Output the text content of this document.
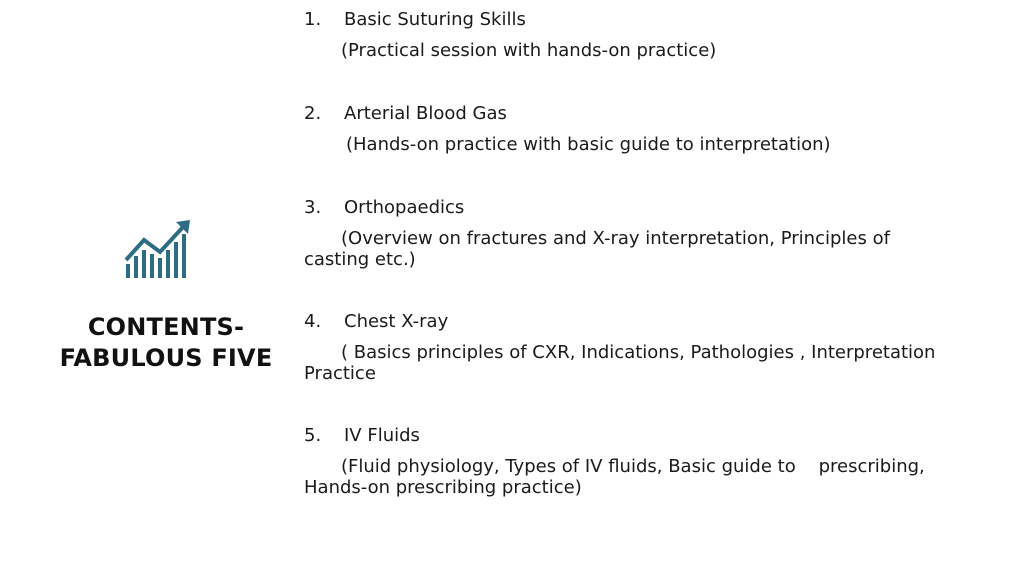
CONTENTS-
FABULOUS FIVE
1. Basic Suturing Skills
(Practical session with hands-on practice)
2. Arterial Blood Gas
(Hands-on practice with basic guide to interpretation)
3. Orthopaedics
(Overview on fractures and X-ray interpretation, Principles of casting etc.)
4. Chest X-ray
( Basics principles of CXR, Indications, Pathologies , Interpretation Practice
5. IV Fluids
(Fluid physiology, Types of IV fluids, Basic guide to    prescribing, Hands-on prescribing practice)
